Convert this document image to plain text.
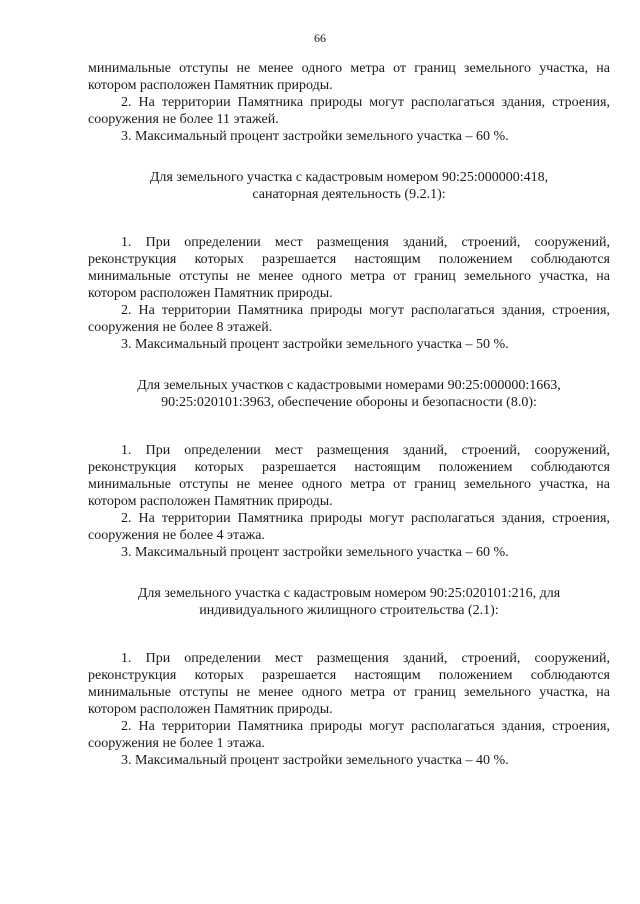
66

минимальные отступы не менее одного метра от границ земельного участка, на котором расположен Памятник природы.

2. На территории Памятника природы могут располагаться здания, строения, сооружения не более 11 этажей.

3. Максимальный процент застройки земельного участка – 60 %.

Для земельного участка с кадастровым номером 90:25:000000:418,
санаторная деятельность (9.2.1):

1. При определении мест размещения зданий, строений, сооружений, реконструкция которых разрешается настоящим положением соблюдаются минимальные отступы не менее одного метра от границ земельного участка, на котором расположен Памятник природы.

2. На территории Памятника природы могут располагаться здания, строения, сооружения не более 8 этажей.

3. Максимальный процент застройки земельного участка – 50 %.

Для земельных участков с кадастровыми номерами 90:25:000000:1663,
90:25:020101:3963, обеспечение обороны и безопасности (8.0):

1. При определении мест размещения зданий, строений, сооружений, реконструкция которых разрешается настоящим положением соблюдаются минимальные отступы не менее одного метра от границ земельного участка, на котором расположен Памятник природы.

2. На территории Памятника природы могут располагаться здания, строения, сооружения не более 4 этажа.

3. Максимальный процент застройки земельного участка – 60 %.

Для земельного участка с кадастровым номером 90:25:020101:216, для
индивидуального жилищного строительства (2.1):

1. При определении мест размещения зданий, строений, сооружений, реконструкция которых разрешается настоящим положением соблюдаются минимальные отступы не менее одного метра от границ земельного участка, на котором расположен Памятник природы.

2. На территории Памятника природы могут располагаться здания, строения, сооружения не более 1 этажа.

3. Максимальный процент застройки земельного участка – 40 %.
